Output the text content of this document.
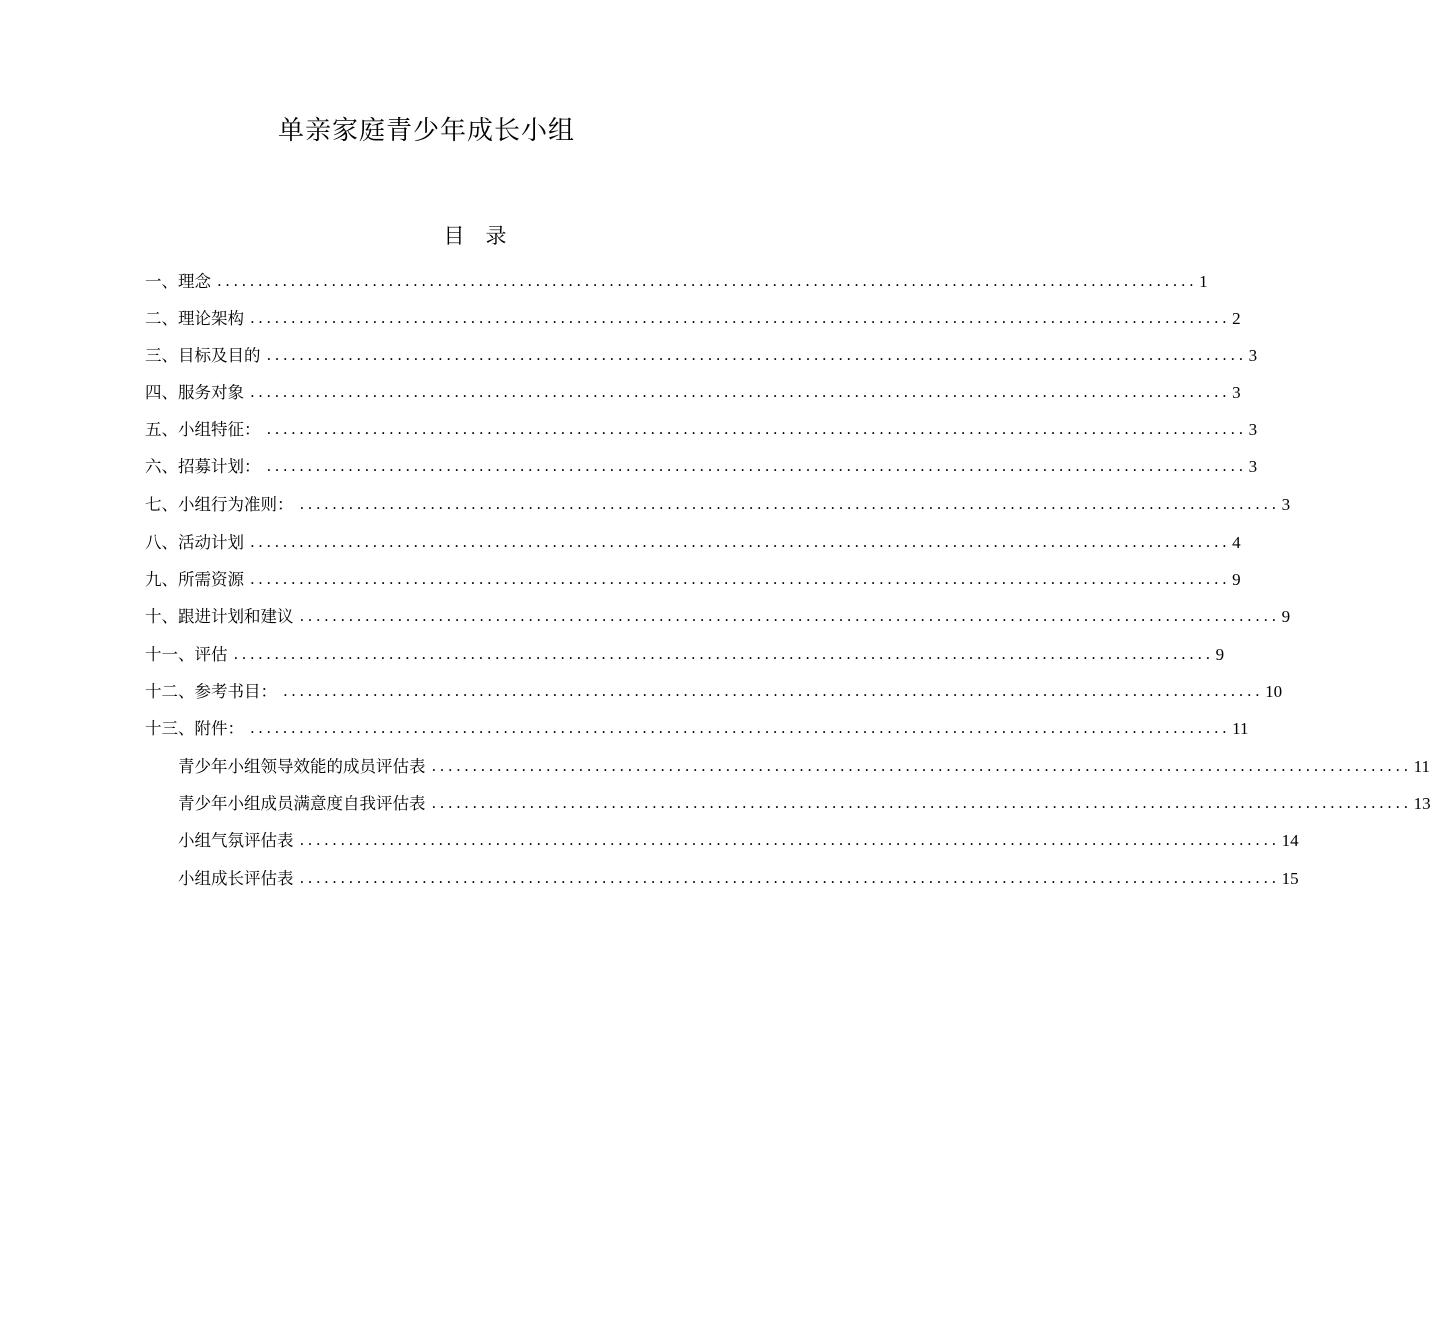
单亲家庭青少年成长小组
目　录
一、理念 ........................................................................................................................ 1
二、理论架构 ........................................................................................................................ 2
三、目标及目的 ........................................................................................................................ 3
四、服务对象 ........................................................................................................................ 3
五、小组特征： ........................................................................................................................ 3
六、招募计划： ........................................................................................................................ 3
七、小组行为准则： ........................................................................................................................ 3
八、活动计划 ........................................................................................................................ 4
九、所需资源 ........................................................................................................................ 9
十、跟进计划和建议 ........................................................................................................................ 9
十一、评估 ........................................................................................................................ 9
十二、参考书目： ........................................................................................................................ 10
十三、附件： ........................................................................................................................ 11
青少年小组领导效能的成员评估表 ........................................................................................................................ 11
青少年小组成员满意度自我评估表 ........................................................................................................................ 13
小组气氛评估表 ........................................................................................................................ 14
小组成长评估表 ........................................................................................................................ 15
